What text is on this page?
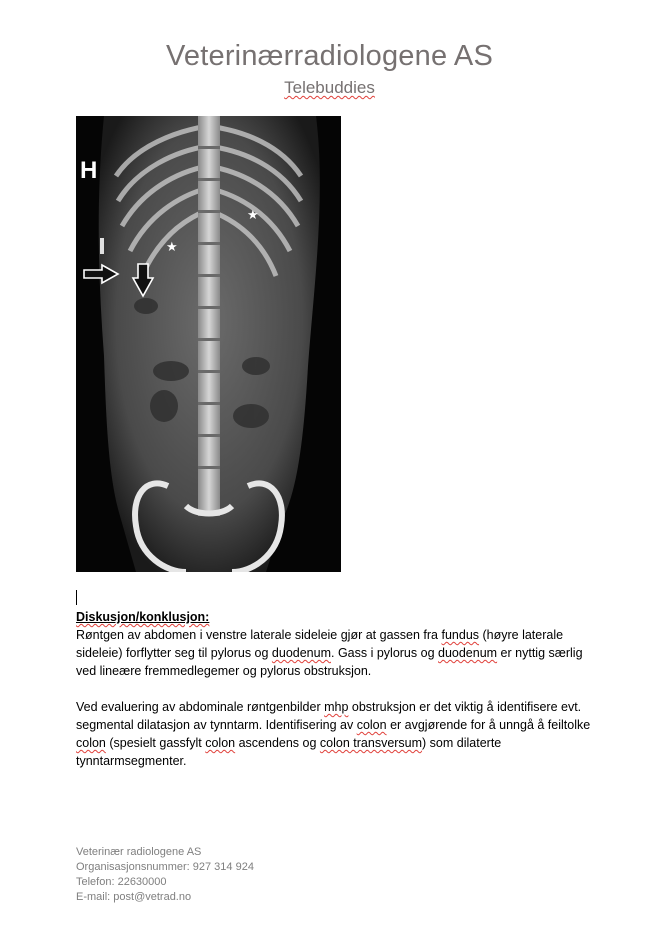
Veterinærradiologene AS
Telebuddies
H
★
★
Diskusjon/konklusjon:

Røntgen av abdomen i venstre laterale sideleie gjør at gassen fra fundus (høyre laterale sideleie) forflytter seg til pylorus og duodenum. Gass i pylorus og duodenum er nyttig særlig ved lineære fremmedlegemer og pylorus obstruksjon.

Ved evaluering av abdominale røntgenbilder mhp obstruksjon er det viktig å identifisere evt. segmental dilatasjon av tynntarm. Identifisering av colon er avgjørende for å unngå å feiltolke colon (spesielt gassfylt colon ascendens og colon transversum) som dilaterte tynntarmsegmenter.

Veterinær radiologene AS
Organisasjonsnummer: 927 314 924
Telefon: 22630000
E-mail: post@vetrad.no
